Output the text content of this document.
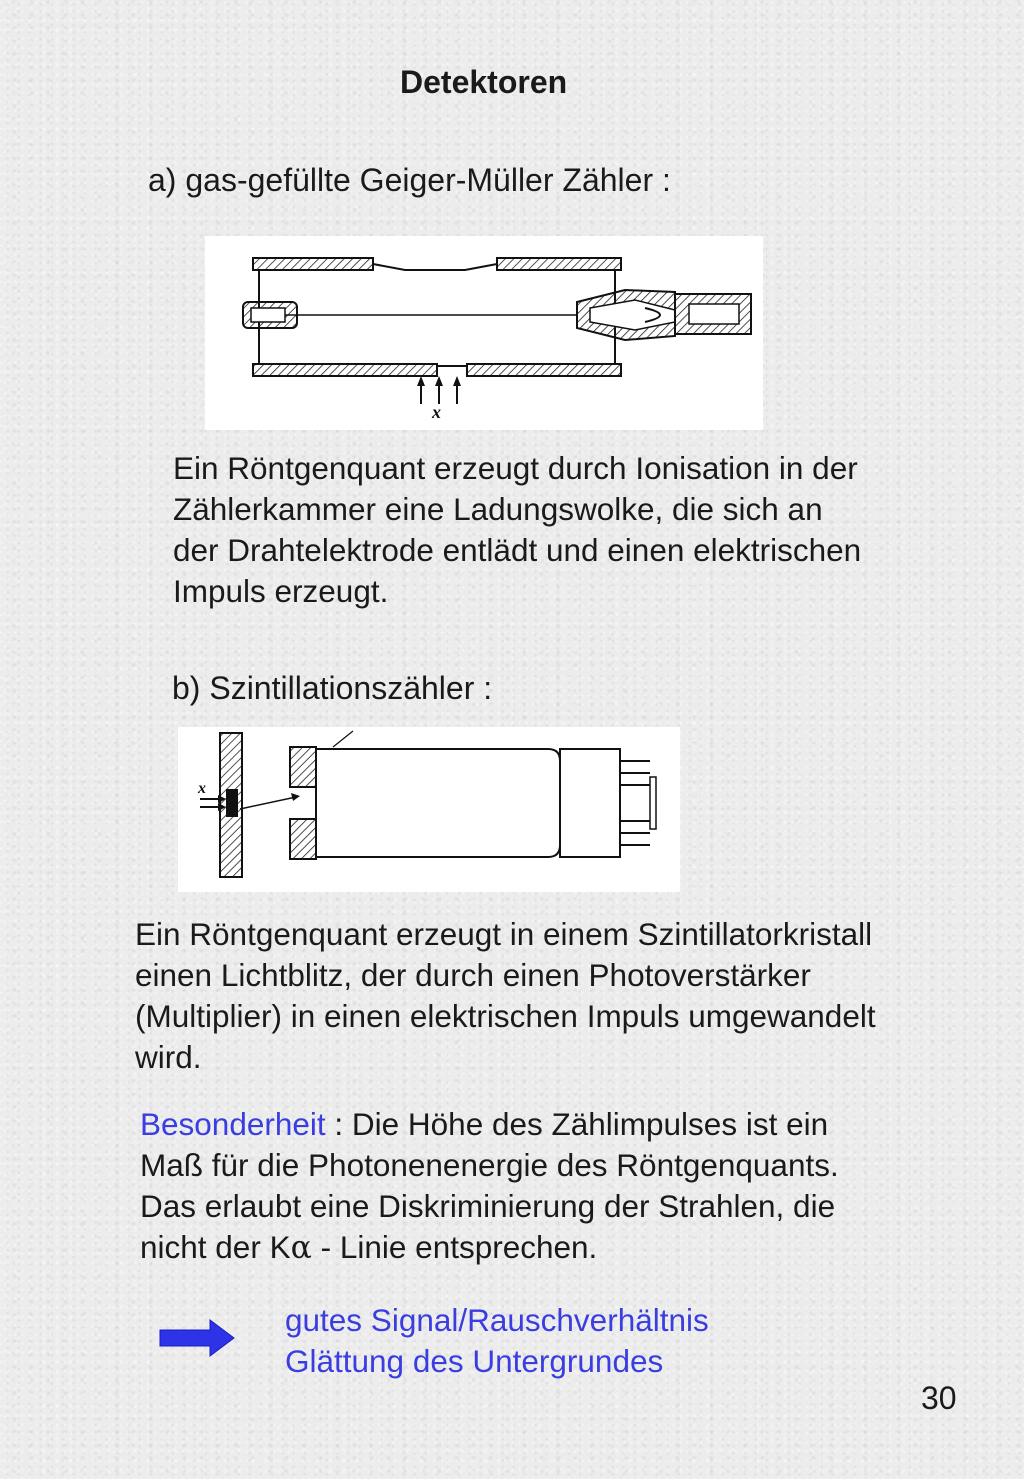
Detektoren
a) gas-gefüllte Geiger-Müller Zähler :
x
Ein Röntgenquant erzeugt durch Ionisation in der
Zählerkammer eine Ladungswolke, die sich an
der Drahtelektrode entlädt und einen elektrischen
Impuls erzeugt.
b) Szintillationszähler :
x
Ein Röntgenquant erzeugt in einem Szintillatorkristall
einen Lichtblitz, der durch einen Photoverstärker
(Multiplier) in einen elektrischen Impuls umgewandelt
wird.
Besonderheit : Die Höhe des Zählimpulses ist ein
Maß für die Photonenenergie des Röntgenquants.
Das erlaubt eine Diskriminierung der Strahlen, die
nicht der Kα - Linie entsprechen.
gutes Signal/Rauschverhältnis
Glättung des Untergrundes
30
